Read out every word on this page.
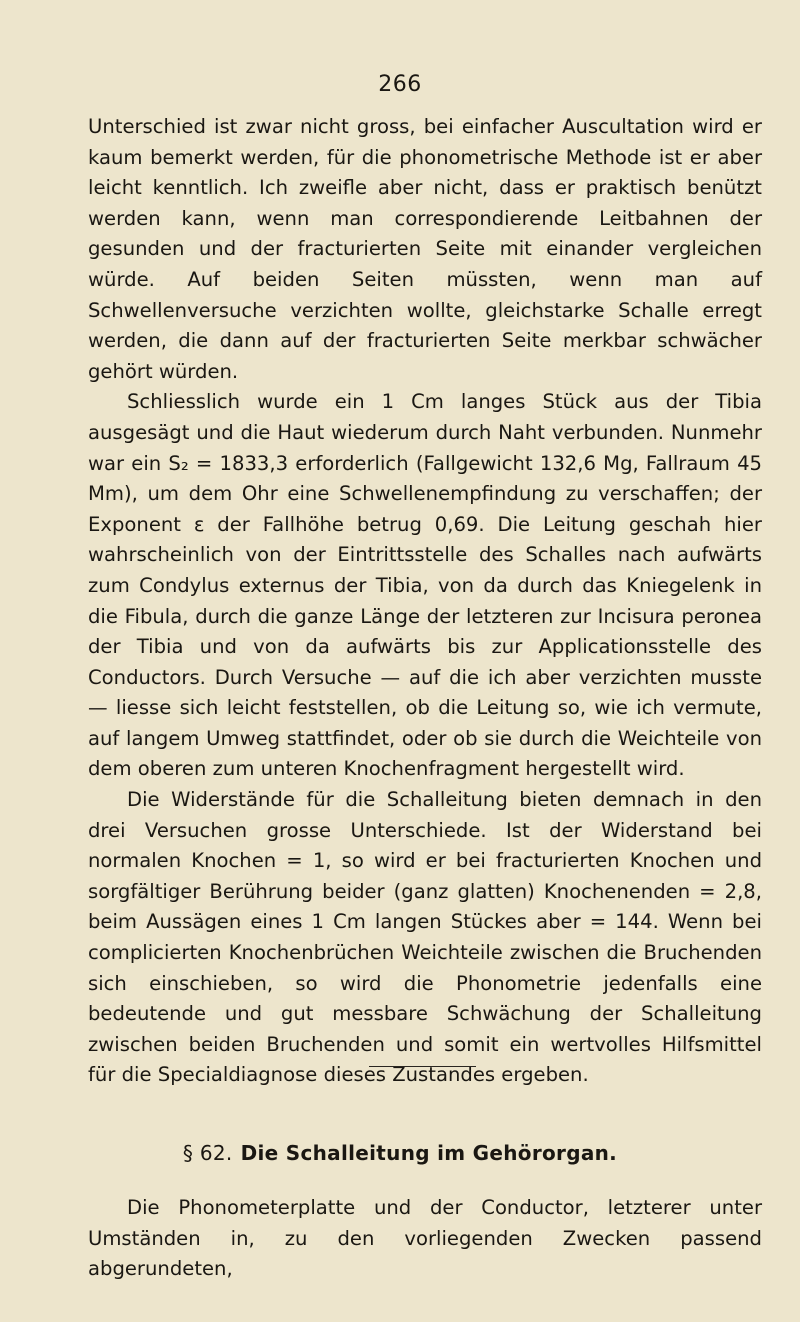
266

Unterschied ist zwar nicht gross, bei einfacher Auscultation wird er kaum bemerkt werden, für die phonometrische Methode ist er aber leicht kenntlich. Ich zweifle aber nicht, dass er praktisch benützt werden kann, wenn man correspondierende Leitbahnen der gesunden und der fracturierten Seite mit einander vergleichen würde. Auf beiden Seiten müssten, wenn man auf Schwellenversuche verzichten wollte, gleichstarke Schalle erregt werden, die dann auf der fracturierten Seite merkbar schwächer gehört würden.

Schliesslich wurde ein 1 Cm langes Stück aus der Tibia ausgesägt und die Haut wiederum durch Naht verbunden. Nunmehr war ein S₂ = 1833,3 erforderlich (Fallgewicht 132,6 Mg, Fallraum 45 Mm), um dem Ohr eine Schwellenempfindung zu verschaffen; der Exponent ε der Fallhöhe betrug 0,69. Die Leitung geschah hier wahrscheinlich von der Eintrittsstelle des Schalles nach aufwärts zum Condylus externus der Tibia, von da durch das Kniegelenk in die Fibula, durch die ganze Länge der letzteren zur Incisura peronea der Tibia und von da aufwärts bis zur Applicationsstelle des Conductors. Durch Versuche — auf die ich aber verzichten musste — liesse sich leicht feststellen, ob die Leitung so, wie ich vermute, auf langem Umweg stattfindet, oder ob sie durch die Weichteile von dem oberen zum unteren Knochenfragment hergestellt wird.

Die Widerstände für die Schalleitung bieten demnach in den drei Versuchen grosse Unterschiede. Ist der Widerstand bei normalen Knochen = 1, so wird er bei fracturierten Knochen und sorgfältiger Berührung beider (ganz glatten) Knochenenden = 2,8, beim Aussägen eines 1 Cm langen Stückes aber = 144. Wenn bei complicierten Knochenbrüchen Weichteile zwischen die Bruchenden sich einschieben, so wird die Phonometrie jedenfalls eine bedeutende und gut messbare Schwächung der Schalleitung zwischen beiden Bruchenden und somit ein wertvolles Hilfsmittel für die Specialdiagnose dieses Zustandes ergeben.

§ 62. Die Schalleitung im Gehörorgan.

Die Phonometerplatte und der Conductor, letzterer unter Umständen in, zu den vorliegenden Zwecken passend abgerundeten,
